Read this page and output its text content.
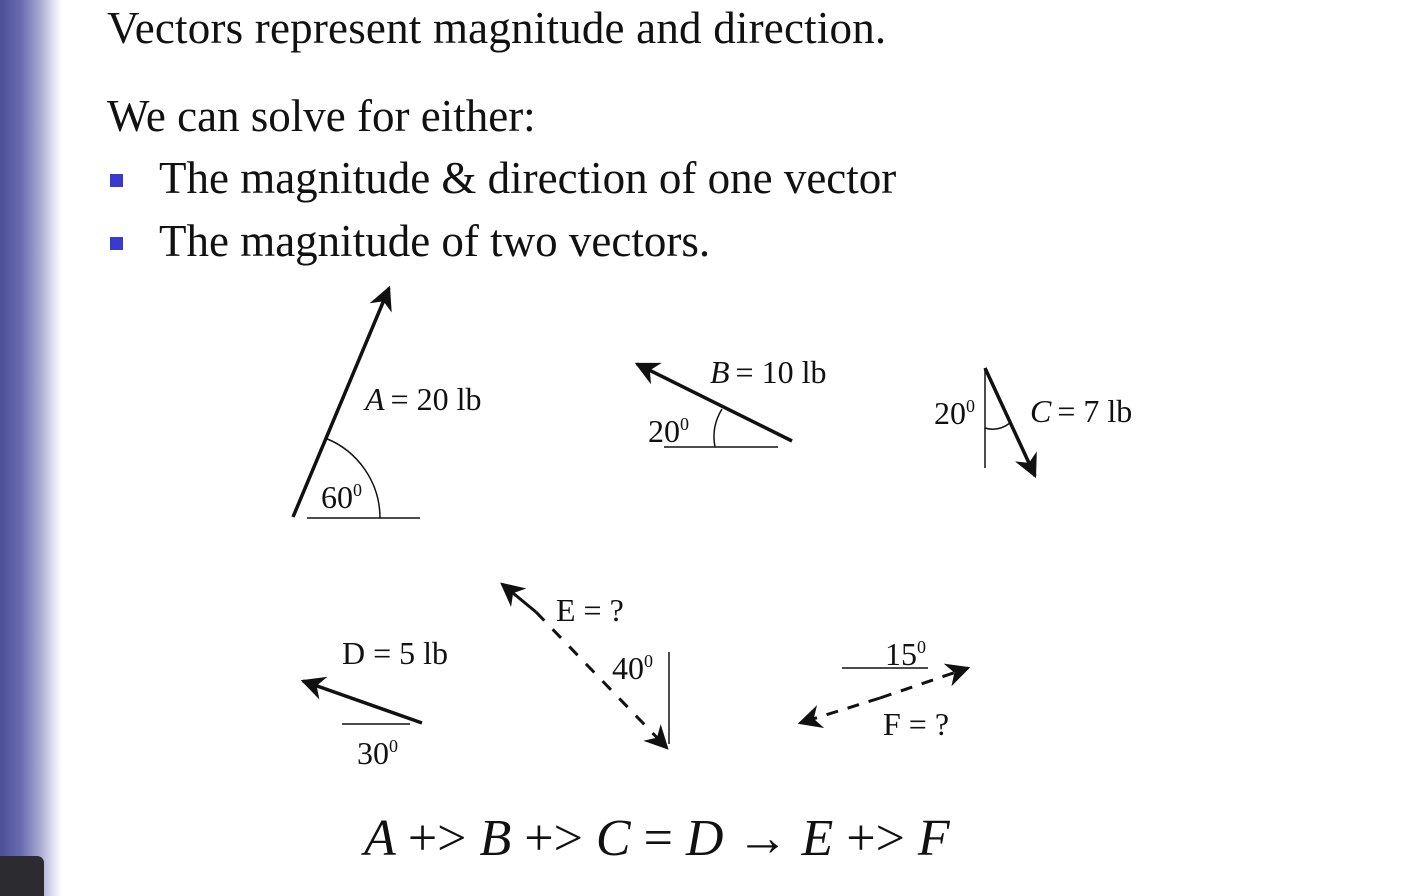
Vectors represent magnitude and direction.

We can solve for either:

The magnitude & direction of one vector
The magnitude of two vectors.
A = 20 lb
$60^0$
B = 10 lb
$20^0$	C = 7 lb
$20^0$
D = 5 lb
$30^0$
E = ?
$40^0$	$15^0$
F = ?
A +> B +> C = D → E +> F
